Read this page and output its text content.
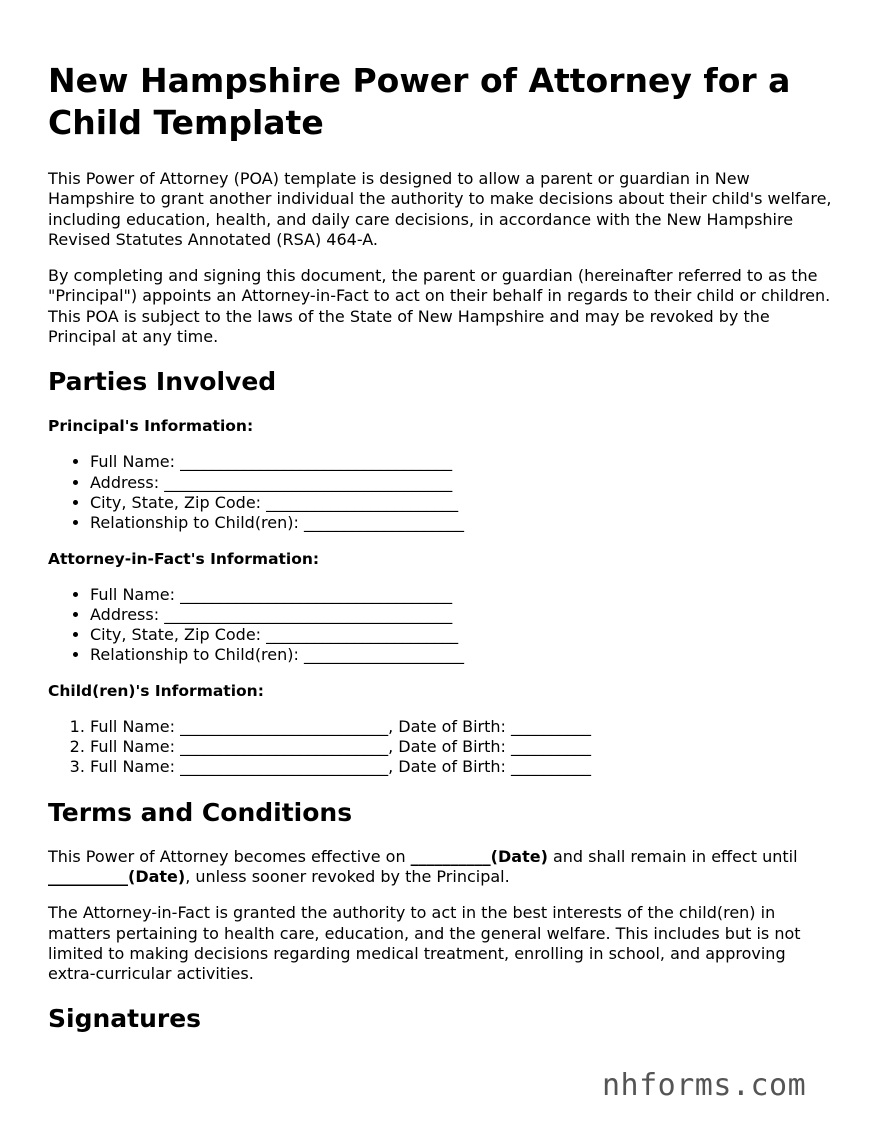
New Hampshire Power of Attorney for a Child Template

This Power of Attorney (POA) template is designed to allow a parent or guardian in New Hampshire to grant another individual the authority to make decisions about their child's welfare, including education, health, and daily care decisions, in accordance with the New Hampshire Revised Statutes Annotated (RSA) 464-A.

By completing and signing this document, the parent or guardian (hereinafter referred to as the "Principal") appoints an Attorney-in-Fact to act on their behalf in regards to their child or children. This POA is subject to the laws of the State of New Hampshire and may be revoked by the Principal at any time.

Parties Involved
Principal's Information:
• Full Name: __________________________________
• Address: ____________________________________
• City, State, Zip Code: ________________________
• Relationship to Child(ren): ____________________
Attorney-in-Fact's Information:
• Full Name: __________________________________
• Address: ____________________________________
• City, State, Zip Code: ________________________
• Relationship to Child(ren): ____________________
Child(ren)'s Information:
1. Full Name: __________________________, Date of Birth: __________
2. Full Name: __________________________, Date of Birth: __________
3. Full Name: __________________________, Date of Birth: __________
Terms and Conditions

This Power of Attorney becomes effective on __________(Date) and shall remain in effect until __________(Date), unless sooner revoked by the Principal.

The Attorney-in-Fact is granted the authority to act in the best interests of the child(ren) in matters pertaining to health care, education, and the general welfare. This includes but is not limited to making decisions regarding medical treatment, enrolling in school, and approving extra-curricular activities.

Signatures
nhforms.com
